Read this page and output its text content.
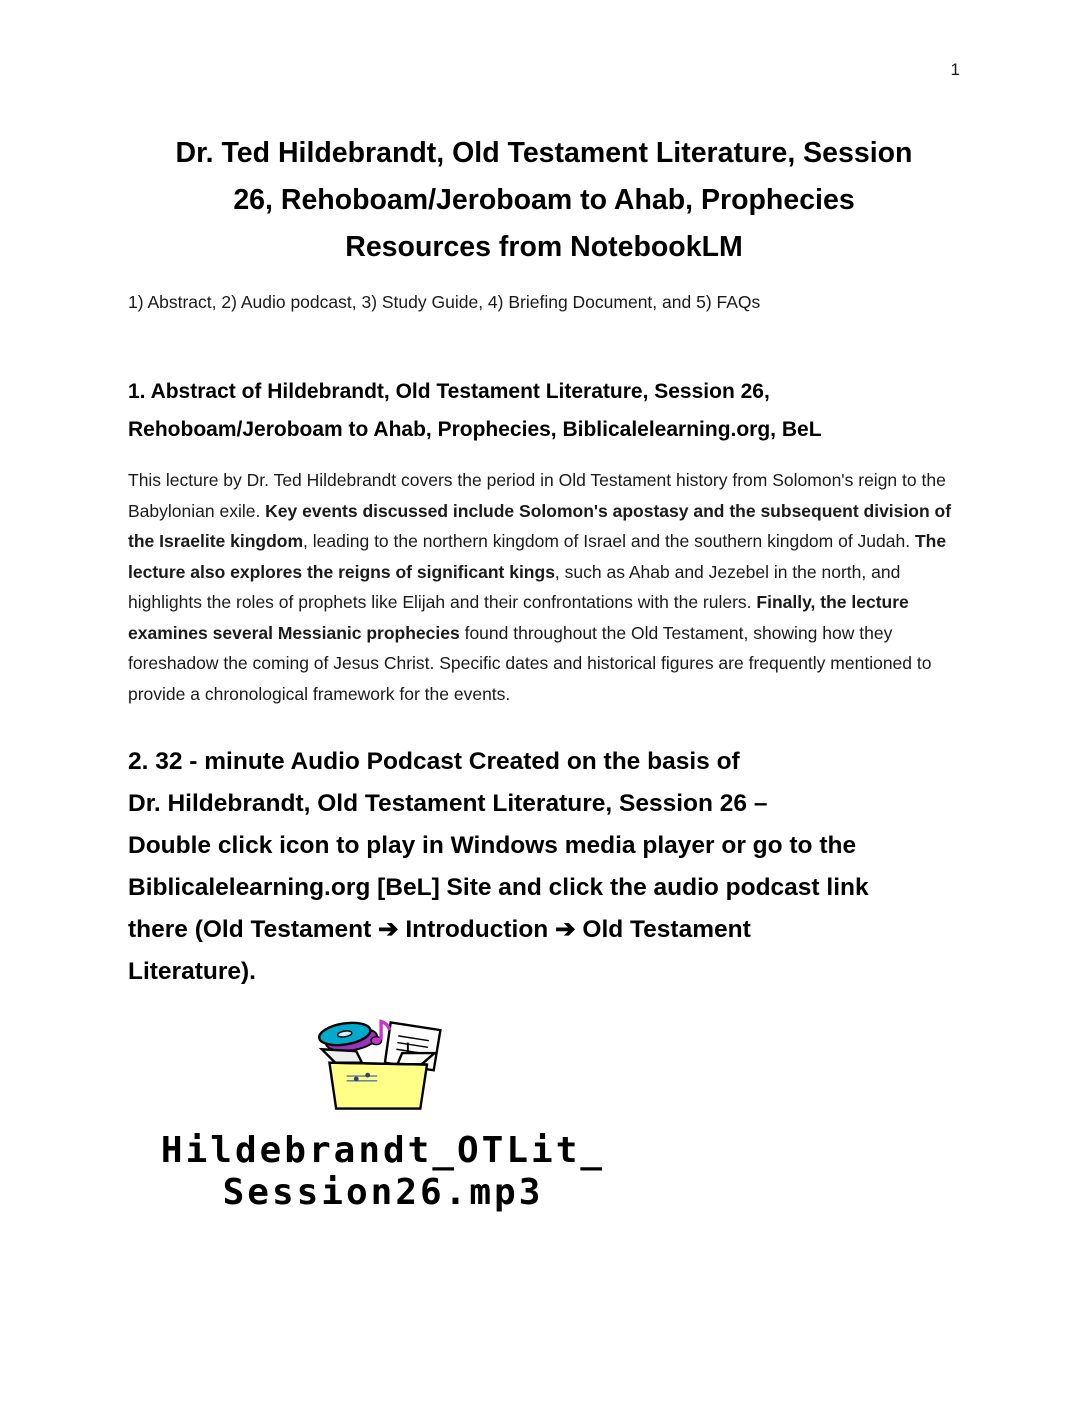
1
Dr. Ted Hildebrandt, Old Testament Literature, Session
26, Rehoboam/Jeroboam to Ahab, Prophecies
Resources from NotebookLM
1) Abstract, 2) Audio podcast, 3) Study Guide, 4) Briefing Document, and 5) FAQs
1. Abstract of Hildebrandt, Old Testament Literature, Session 26,
Rehoboam/Jeroboam to Ahab, Prophecies, Biblicalelearning.org, BeL
This lecture by Dr. Ted Hildebrandt covers the period in Old Testament history from Solomon's reign to the Babylonian exile. Key events discussed include Solomon's apostasy and the subsequent division of the Israelite kingdom, leading to the northern kingdom of Israel and the southern kingdom of Judah. The lecture also explores the reigns of significant kings, such as Ahab and Jezebel in the north, and highlights the roles of prophets like Elijah and their confrontations with the rulers. Finally, the lecture examines several Messianic prophecies found throughout the Old Testament, showing how they foreshadow the coming of Jesus Christ. Specific dates and historical figures are frequently mentioned to provide a chronological framework for the events.
2. 32 - minute Audio Podcast Created on the basis of
Dr. Hildebrandt, Old Testament Literature, Session 26 –
Double click icon to play in Windows media player or go to the
Biblicalelearning.org [BeL] Site and click the audio podcast link
there (Old Testament ➔ Introduction ➔ Old Testament
Literature).
Hildebrandt_OTLit_
Session26.mp3
